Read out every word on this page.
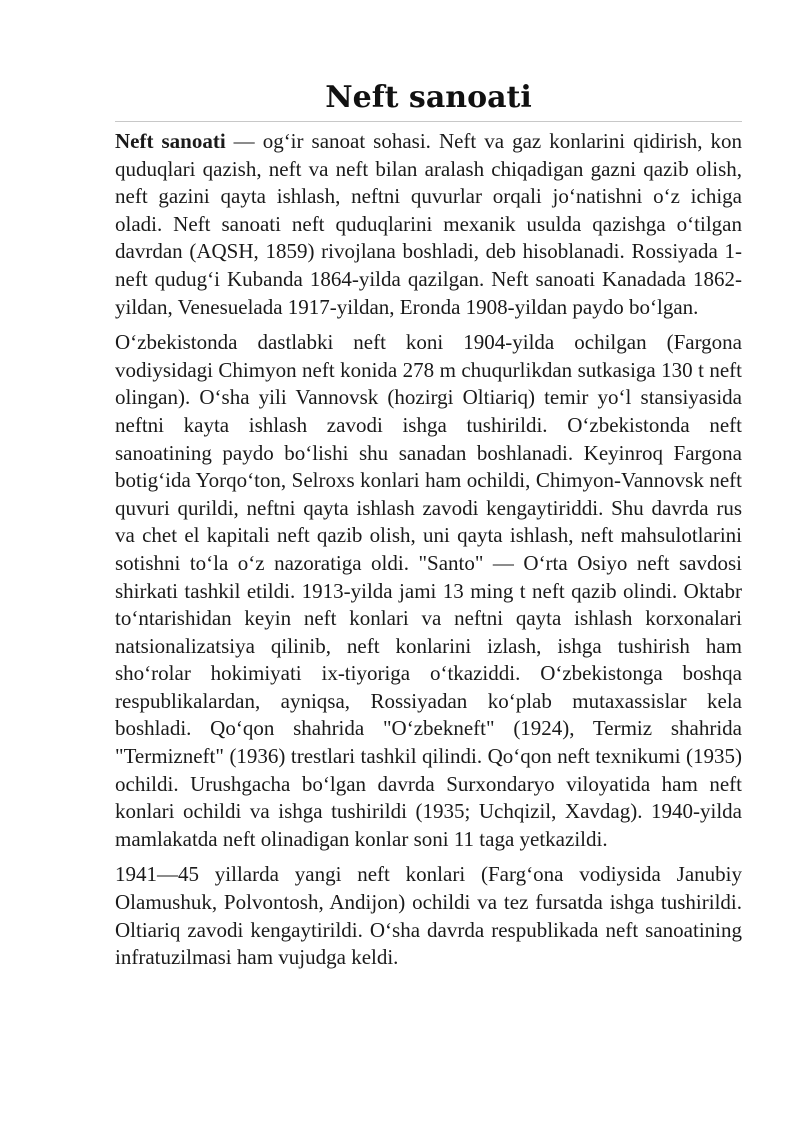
Neft sanoati

Neft sanoati — og‘ir sanoat sohasi. Neft va gaz konlarini qidirish, kon quduqlari qazish, neft va neft bilan aralash chiqadigan gazni qazib olish, neft gazini qayta ishlash, neftni quvurlar orqali jo‘natishni o‘z ichiga oladi. Neft sanoati neft quduqlarini mexanik usulda qazishga o‘tilgan davrdan (AQSH, 1859) rivojlana boshladi, deb hisoblanadi. Rossiyada 1-neft qudug‘i Kubanda 1864-yilda qazilgan. Neft sanoati Kanadada 1862-yildan, Venesuelada 1917-yildan, Eronda 1908-yildan paydo bo‘lgan.

O‘zbekistonda dastlabki neft koni 1904-yilda ochilgan (Fargona vodiysidagi Chimyon neft konida 278 m chuqurlikdan sutkasiga 130 t neft olingan). O‘sha yili Vannovsk (hozirgi Oltiariq) temir yo‘l stansiyasida neftni kayta ishlash zavodi ishga tushirildi. O‘zbekistonda neft sanoatining paydo bo‘lishi shu sanadan boshlanadi. Keyinroq Fargona botig‘ida Yorqo‘ton, Selroxs konlari ham ochildi, Chimyon-Vannovsk neft quvuri qurildi, neftni qayta ishlash zavodi kengaytiriddi. Shu davrda rus va chet el kapitali neft qazib olish, uni qayta ishlash, neft mahsulotlarini sotishni to‘la o‘z nazoratiga oldi. "Santo" — O‘rta Osiyo neft savdosi shirkati tashkil etildi. 1913-yilda jami 13 ming t neft qazib olindi. Oktabr to‘ntarishidan keyin neft konlari va neftni qayta ishlash korxonalari natsionalizatsiya qilinib, neft konlarini izlash, ishga tushirish ham sho‘rolar hokimiyati ix-tiyoriga o‘tkaziddi. O‘zbekistonga boshqa respublikalardan, ayniqsa, Rossiyadan ko‘plab mutaxassislar kela boshladi. Qo‘qon shahrida "O‘zbekneft" (1924), Termiz shahrida "Termizneft" (1936) trestlari tashkil qilindi. Qo‘qon neft texnikumi (1935) ochildi. Urushgacha bo‘lgan davrda Surxondaryo viloyatida ham neft konlari ochildi va ishga tushirildi (1935; Uchqizil, Xavdag). 1940-yilda mamlakatda neft olinadigan konlar soni 11 taga yetkazildi.

1941—45 yillarda yangi neft konlari (Farg‘ona vodiysida Janubiy Olamushuk, Polvontosh, Andijon) ochildi va tez fursatda ishga tushirildi. Oltiariq zavodi kengaytirildi. O‘sha davrda respublikada neft sanoatining infratuzilmasi ham vujudga keldi.
